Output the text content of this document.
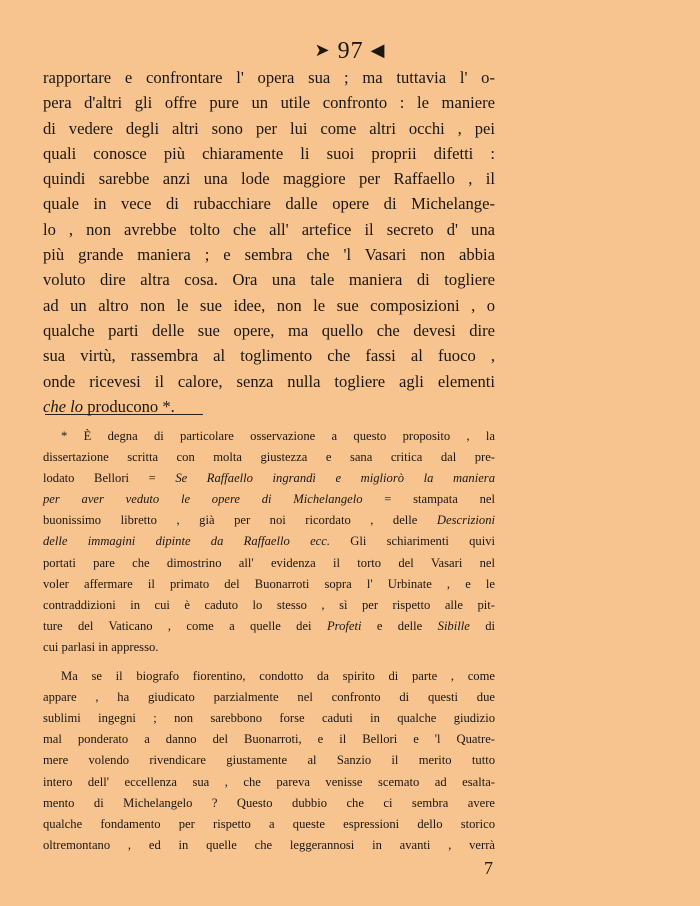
➤ 97 ◀
rapportare e confrontare l' opera sua ; ma tuttavia l' o-
pera d'altri gli offre pure un utile confronto : le maniere
di vedere degli altri sono per lui come altri occhi , pei
quali conosce più chiaramente li suoi proprii difetti :
quindi sarebbe anzi una lode maggiore per Raffaello , il
quale in vece di rubacchiare dalle opere di Michelange-
lo , non avrebbe tolto che all' artefice il secreto d' una
più grande maniera ; e sembra che 'l Vasari non abbia
voluto dire altra cosa. Ora una tale maniera di togliere
ad un altro non le sue idee, non le sue composizioni , o
qualche parti delle sue opere, ma quello che devesi dire
sua virtù, rassembra al toglimento che fassi al fuoco ,
onde ricevesi il calore, senza nulla togliere agli elementi
che lo producono *.
* È degna di particolare osservazione a questo proposito , la
dissertazione scritta con molta giustezza e sana critica dal pre-
lodato Bellori = Se Raffaello ingrandì e migliorò la maniera
per aver veduto le opere di Michelangelo = stampata nel
buonissimo libretto , già per noi ricordato , delle Descrizioni
delle immagini dipinte da Raffaello ecc. Gli schiarimenti quivi
portati pare che dimostrino all' evidenza il torto del Vasari nel
voler affermare il primato del Buonarroti sopra l' Urbinate , e le
contraddizioni in cui è caduto lo stesso , sì per rispetto alle pit-
ture del Vaticano , come a quelle dei Profeti e delle Sibille di
cui parlasi in appresso.
Ma se il biografo fiorentino, condotto da spirito di parte , come
appare , ha giudicato parzialmente nel confronto di questi due
sublimi ingegni ; non sarebbono forse caduti in qualche giudizio
mal ponderato a danno del Buonarroti, e il Bellori e 'l Quatre-
mere volendo rivendicare giustamente al Sanzio il merito tutto
intero dell' eccellenza sua , che pareva venisse scemato ad esalta-
mento di Michelangelo ? Questo dubbio che ci sembra avere
qualche fondamento per rispetto a queste espressioni dello storico
oltremontano , ed in quelle che leggerannosi in avanti , verrà
7
